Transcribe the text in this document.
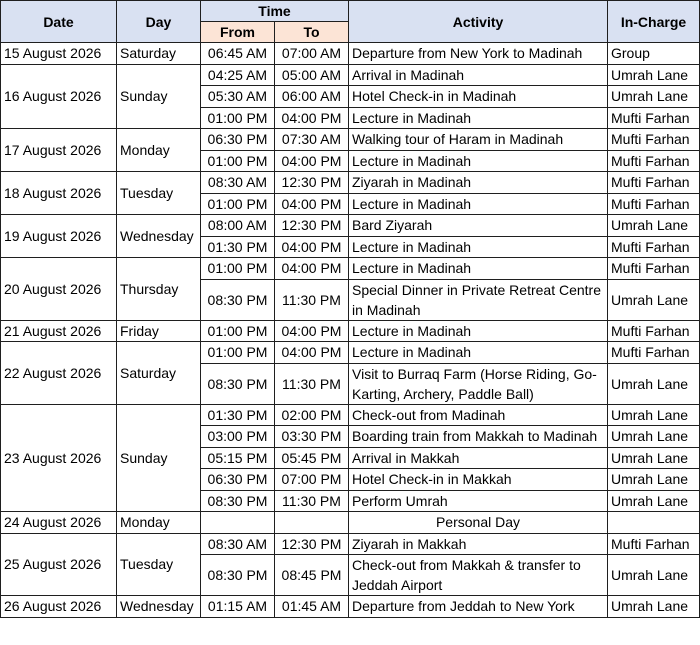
Date	Day	Time		Activity	In-Charge
		From	To		
15 August 2026	Saturday	06:45 AM	07:00 AM	Departure from New York to Madinah	Group
16 August 2026	Sunday	04:25 AM	05:00 AM	Arrival in Madinah	Umrah Lane
		05:30 AM	06:00 AM	Hotel Check-in in Madinah	Umrah Lane
		01:00 PM	04:00 PM	Lecture in Madinah	Mufti Farhan
17 August 2026	Monday	06:30 PM	07:30 AM	Walking tour of Haram in Madinah	Mufti Farhan
		01:00 PM	04:00 PM	Lecture in Madinah	Mufti Farhan
18 August 2026	Tuesday	08:30 AM	12:30 PM	Ziyarah in Madinah	Mufti Farhan
		01:00 PM	04:00 PM	Lecture in Madinah	Mufti Farhan
19 August 2026	Wednesday	08:00 AM	12:30 PM	Bard Ziyarah	Umrah Lane
		01:30 PM	04:00 PM	Lecture in Madinah	Mufti Farhan
20 August 2026	Thursday	01:00 PM	04:00 PM	Lecture in Madinah	Mufti Farhan
		08:30 PM	11:30 PM	Special Dinner in Private Retreat Centre in Madinah	Umrah Lane
21 August 2026	Friday	01:00 PM	04:00 PM	Lecture in Madinah	Mufti Farhan
22 August 2026	Saturday	01:00 PM	04:00 PM	Lecture in Madinah	Mufti Farhan
		08:30 PM	11:30 PM	Visit to Burraq Farm (Horse Riding, Go-Karting, Archery, Paddle Ball)	Umrah Lane
23 August 2026	Sunday	01:30 PM	02:00 PM	Check-out from Madinah	Umrah Lane
		03:00 PM	03:30 PM	Boarding train from Makkah to Madinah	Umrah Lane
		05:15 PM	05:45 PM	Arrival in Makkah	Umrah Lane
		06:30 PM	07:00 PM	Hotel Check-in in Makkah	Umrah Lane
		08:30 PM	11:30 PM	Perform Umrah	Umrah Lane
24 August 2026	Monday			Personal Day	
25 August 2026	Tuesday	08:30 AM	12:30 PM	Ziyarah in Makkah	Mufti Farhan
		08:30 PM	08:45 PM	Check-out from Makkah & transfer to Jeddah Airport	Umrah Lane
26 August 2026	Wednesday	01:15 AM	01:45 AM	Departure from Jeddah to New York	Umrah Lane
